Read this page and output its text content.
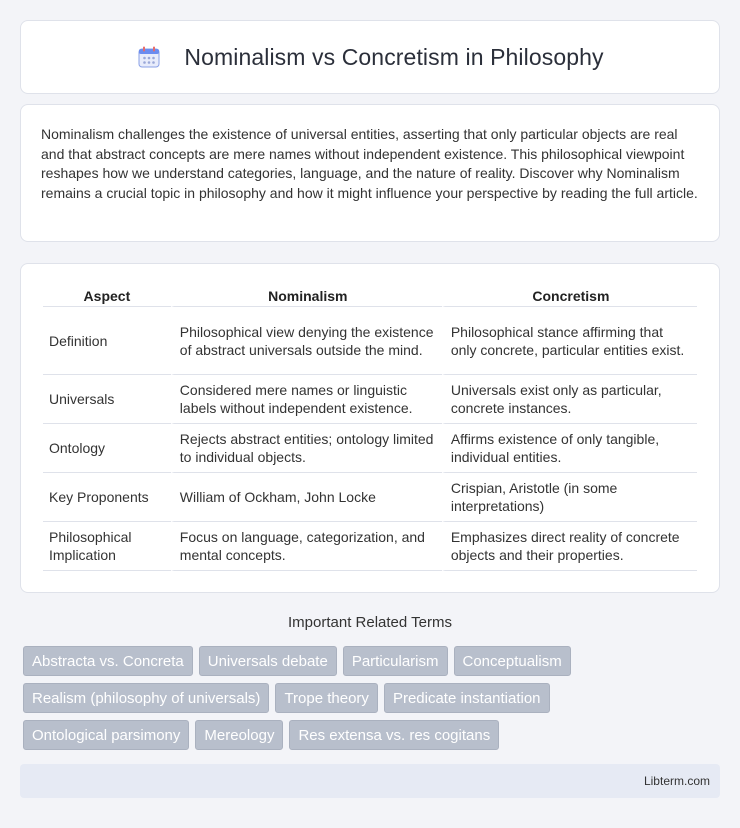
Nominalism vs Concretism in Philosophy

Nominalism challenges the existence of universal entities, asserting that only particular objects are real and that abstract concepts are mere names without independent existence. This philosophical viewpoint reshapes how we understand categories, language, and the nature of reality. Discover why Nominalism remains a crucial topic in philosophy and how it might influence your perspective by reading the full article.

Aspect	Nominalism	Concretism
Definition	Philosophical view denying the existence of abstract universals outside the mind.	Philosophical stance affirming that only concrete, particular entities exist.
Universals	Considered mere names or linguistic labels without independent existence.	Universals exist only as particular, concrete instances.
Ontology	Rejects abstract entities; ontology limited to individual objects.	Affirms existence of only tangible, individual entities.
Key Proponents	William of Ockham, John Locke	Crispian, Aristotle (in some interpretations)
Philosophical Implication	Focus on language, categorization, and mental concepts.	Emphasizes direct reality of concrete objects and their properties.
Important Related Terms
Abstracta vs. Concreta	Universals debate	Particularism	Conceptualism
Realism (philosophy of universals)	Trope theory	Predicate instantiation
Ontological parsimony	Mereology	Res extensa vs. res cogitans
Libterm.com
